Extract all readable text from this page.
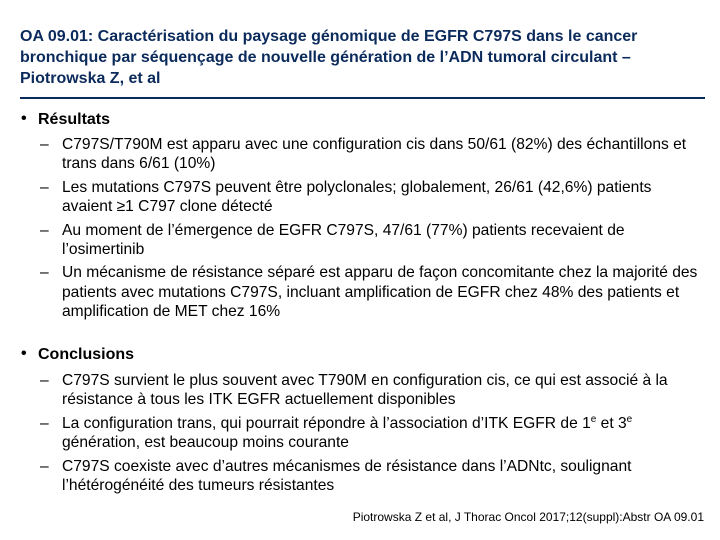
OA 09.01: Caractérisation du paysage génomique de EGFR C797S dans le cancer bronchique par séquençage de nouvelle génération de l’ADN tumoral circulant – Piotrowska Z, et al
• Résultats
– C797S/T790M est apparu avec une configuration cis dans 50/61 (82%) des échantillons et trans dans 6/61 (10%)
– Les mutations C797S peuvent être polyclonales; globalement, 26/61 (42,6%) patients avaient ≥1 C797 clone détecté
– Au moment de l’émergence de EGFR C797S, 47/61 (77%) patients recevaient de l’osimertinib
– Un mécanisme de résistance séparé est apparu de façon concomitante chez la majorité des patients avec mutations C797S, incluant amplification de EGFR chez 48% des patients et amplification de MET chez 16%
• Conclusions
– C797S survient le plus souvent avec T790M en configuration cis, ce qui est associé à la résistance à tous les ITK EGFR actuellement disponibles
– La configuration trans, qui pourrait répondre à l’association d’ITK EGFR de 1e et 3e génération, est beaucoup moins courante
– C797S coexiste avec d’autres mécanismes de résistance dans l’ADNtc, soulignant l’hétérogénéité des tumeurs résistantes
Piotrowska Z et al, J Thorac Oncol 2017;12(suppl):Abstr OA 09.01
